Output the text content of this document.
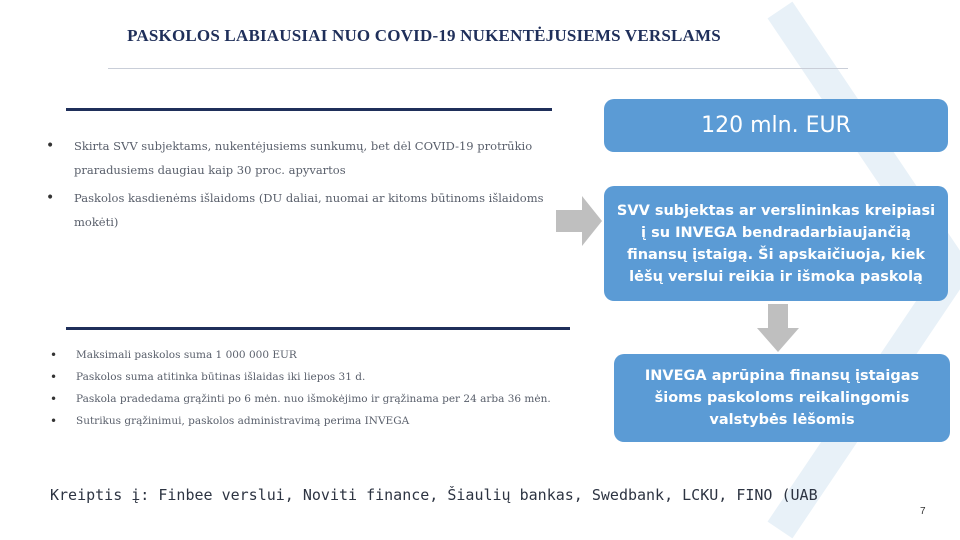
PASKOLOS LABIAUSIAI NUO COVID-19 NUKENTĖJUSIEMS VERSLAMS
• Skirta SVV subjektams, nukentėjusiems sunkumų, bet dėl COVID-19 protrūkio praradusiems daugiau kaip 30 proc. apyvartos
• Paskolos kasdienėms išlaidoms (DU daliai, nuomai ar kitoms būtinoms išlaidoms mokėti)
• Maksimali paskolos suma 1 000 000 EUR
• Paskolos suma atitinka būtinas išlaidas iki liepos 31 d.
• Paskola pradedama grąžinti po 6 mėn. nuo išmokėjimo ir grąžinama per 24 arba 36 mėn.
• Sutrikus grąžinimui, paskolos administravimą perima INVEGA
120 mln. EUR
SVV subjektas ar verslininkas kreipiasi į su INVEGA bendradarbiaujančią finansų įstaigą. Ši apskaičiuoja, kiek lėšų verslui reikia ir išmoka paskolą
INVEGA aprūpina finansų įstaigas šioms paskoloms reikalingomis valstybės lėšomis
Kreiptis į: Finbee verslui, Noviti finance, Šiaulių bankas, Swedbank, LCKU, FINO (UAB
7
